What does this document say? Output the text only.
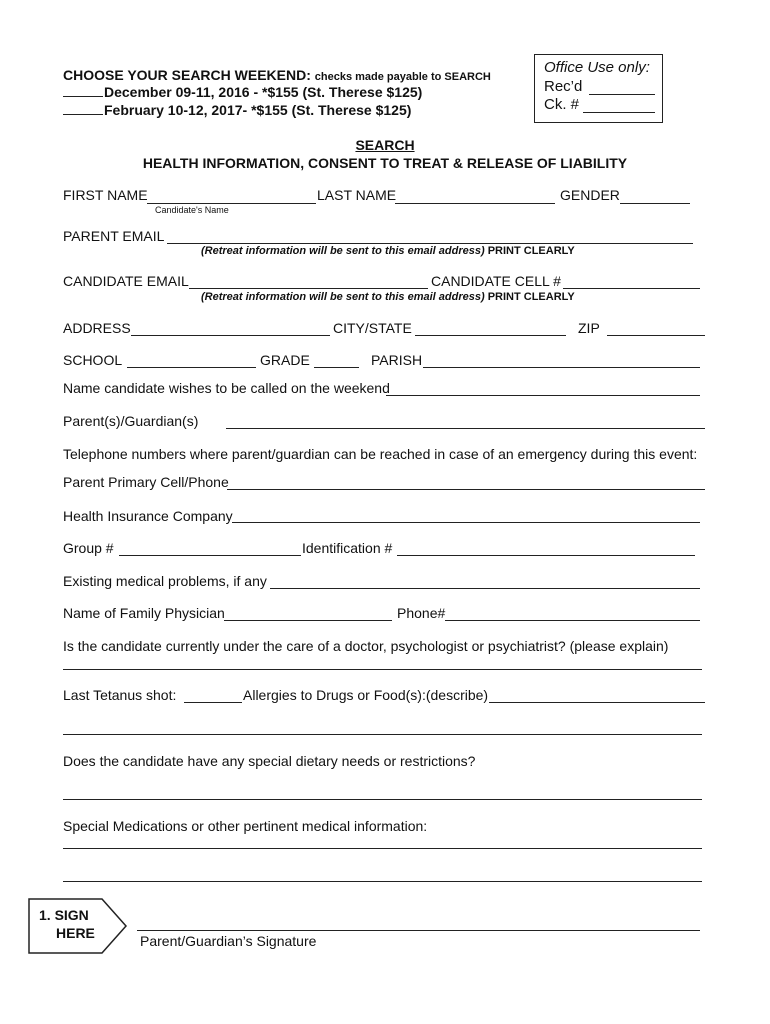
CHOOSE YOUR SEARCH WEEKEND: checks made payable to SEARCH
December 09-11, 2016 - *$155 (St. Therese $125)
February 10-12, 2017- *$155 (St. Therese $125)
Office Use only:
Rec’d
Ck. #
SEARCH
HEALTH INFORMATION, CONSENT TO TREAT & RELEASE OF LIABILITY
FIRST NAME	LAST NAME	GENDER
Candidate's Name
PARENT EMAIL
(Retreat information will be sent to this email address) PRINT CLEARLY
CANDIDATE EMAIL	CANDIDATE CELL #
(Retreat information will be sent to this email address) PRINT CLEARLY
ADDRESS	CITY/STATE	ZIP
SCHOOL	GRADE	PARISH
Name candidate wishes to be called on the weekend
Parent(s)/Guardian(s)
Telephone numbers where parent/guardian can be reached in case of an emergency during this event:
Parent Primary Cell/Phone
Health Insurance Company
Group #	Identification #
Existing medical problems, if any
Name of Family Physician	Phone#
Is the candidate currently under the care of a doctor, psychologist or psychiatrist? (please explain)
Last Tetanus shot:	Allergies to Drugs or Food(s):(describe)
Does the candidate have any special dietary needs or restrictions?
Special Medications or other pertinent medical information:
1. SIGN
HERE	Parent/Guardian’s Signature
